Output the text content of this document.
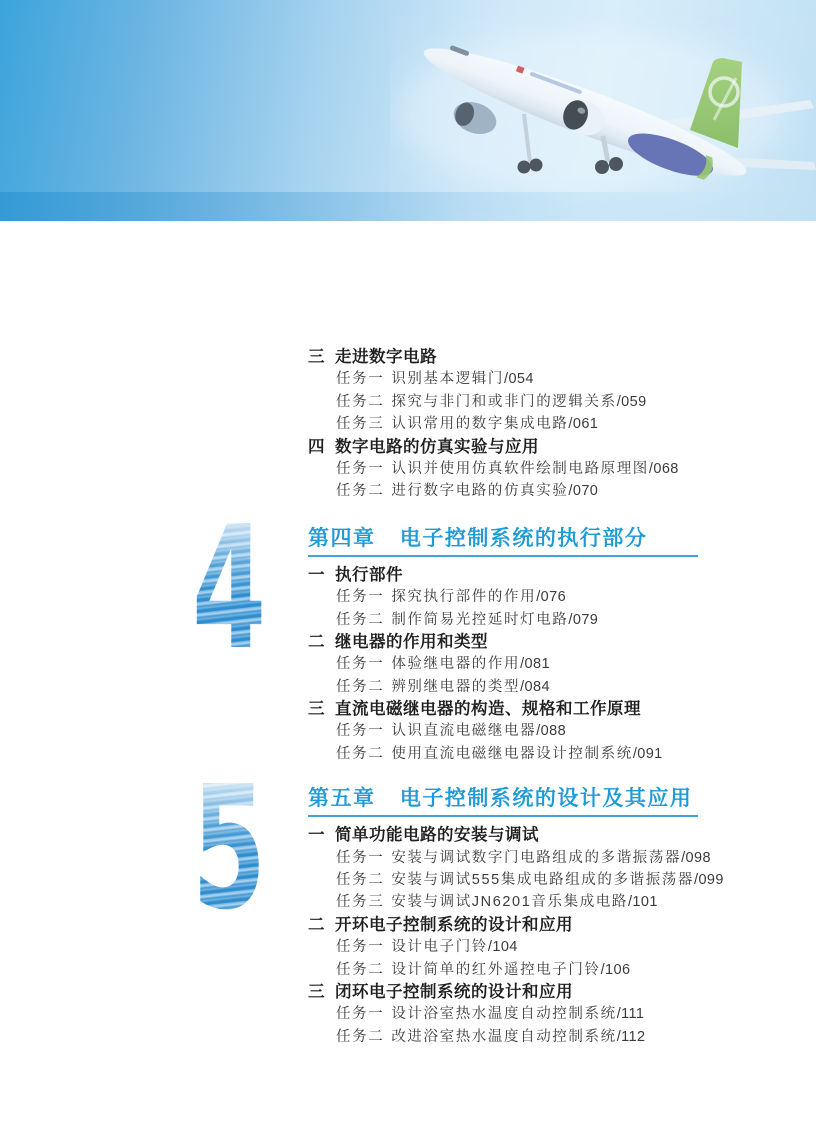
三 走进数字电路
任务一 识别基本逻辑门/054
任务二 探究与非门和或非门的逻辑关系/059
任务三 认识常用的数字集成电路/061
四 数字电路的仿真实验与应用
任务一 认识并使用仿真软件绘制电路原理图/068
任务二 进行数字电路的仿真实验/070
4 第四章 电子控制系统的执行部分
一 执行部件
任务一 探究执行部件的作用/076
任务二 制作简易光控延时灯电路/079
二 继电器的作用和类型
任务一 体验继电器的作用/081
任务二 辨别继电器的类型/084
三 直流电磁继电器的构造、规格和工作原理
任务一 认识直流电磁继电器/088
任务二 使用直流电磁继电器设计控制系统/091
5 第五章 电子控制系统的设计及其应用
一 简单功能电路的安装与调试
任务一 安装与调试数字门电路组成的多谐振荡器/098
任务二 安装与调试555集成电路组成的多谐振荡器/099
任务三 安装与调试JN6201音乐集成电路/101
二 开环电子控制系统的设计和应用
任务一 设计电子门铃/104
任务二 设计简单的红外遥控电子门铃/106
三 闭环电子控制系统的设计和应用
任务一 设计浴室热水温度自动控制系统/111
任务二 改进浴室热水温度自动控制系统/112
